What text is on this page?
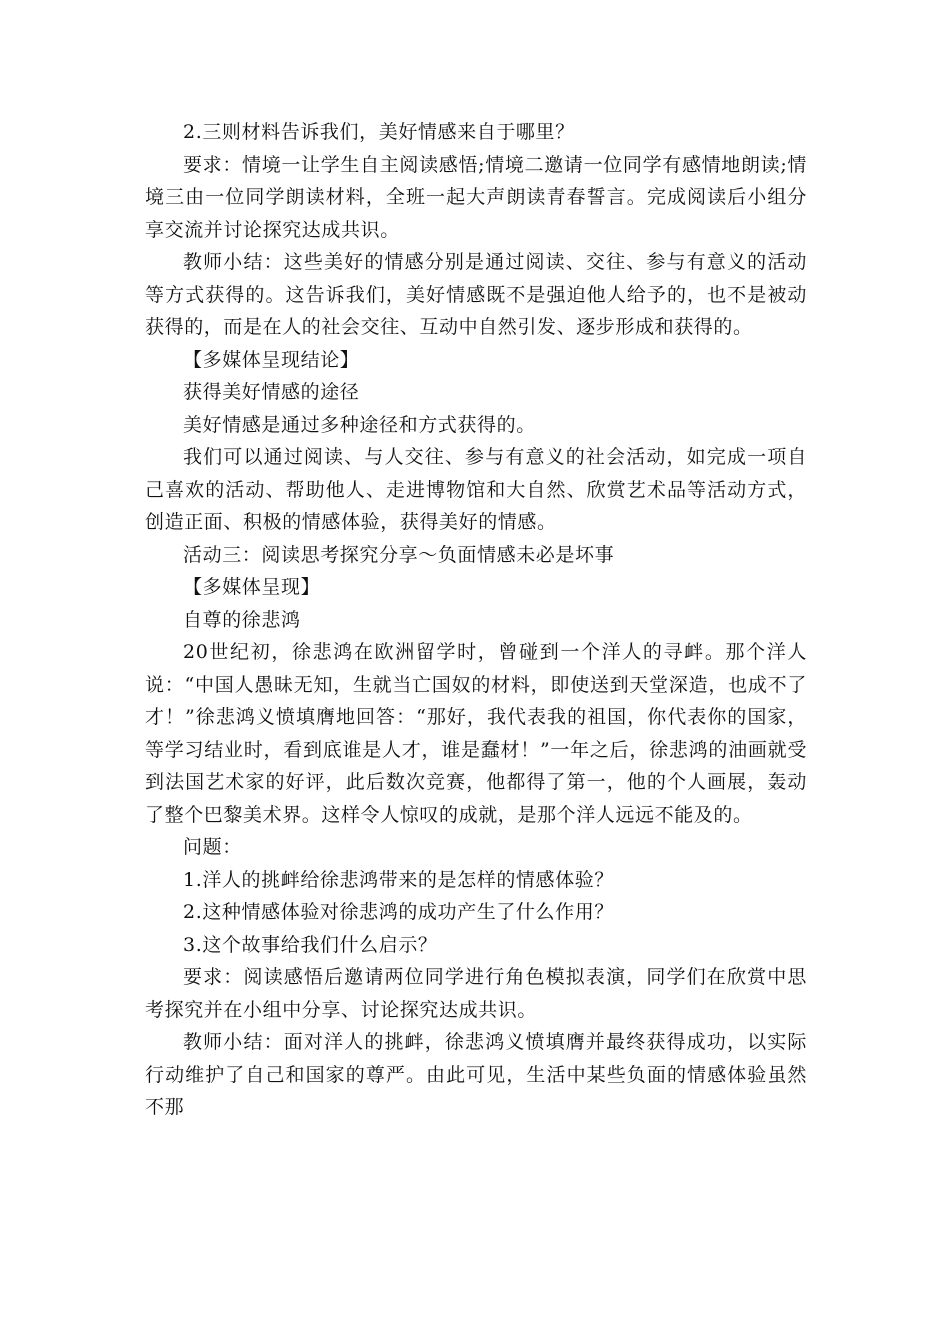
2.三则材料告诉我们，美好情感来自于哪里？

要求：情境一让学生自主阅读感悟;情境二邀请一位同学有感情地朗读;情境三由一位同学朗读材料，全班一起大声朗读青春誓言。完成阅读后小组分享交流并讨论探究达成共识。

教师小结：这些美好的情感分别是通过阅读、交往、参与有意义的活动等方式获得的。这告诉我们，美好情感既不是强迫他人给予的，也不是被动获得的，而是在人的社会交往、互动中自然引发、逐步形成和获得的。

【多媒体呈现结论】

获得美好情感的途径

美好情感是通过多种途径和方式获得的。

我们可以通过阅读、与人交往、参与有意义的社会活动，如完成一项自己喜欢的活动、帮助他人、走进博物馆和大自然、欣赏艺术品等活动方式，创造正面、积极的情感体验，获得美好的情感。

活动三：阅读思考探究分享～负面情感未必是坏事

【多媒体呈现】

自尊的徐悲鸿

20世纪初，徐悲鸿在欧洲留学时，曾碰到一个洋人的寻衅。那个洋人说：“中国人愚昧无知，生就当亡国奴的材料，即使送到天堂深造，也成不了才！”徐悲鸿义愤填膺地回答：“那好，我代表我的祖国，你代表你的国家，等学习结业时，看到底谁是人才，谁是蠢材！”一年之后，徐悲鸿的油画就受到法国艺术家的好评，此后数次竞赛，他都得了第一，他的个人画展，轰动了整个巴黎美术界。这样令人惊叹的成就，是那个洋人远远不能及的。

问题：

1.洋人的挑衅给徐悲鸿带来的是怎样的情感体验？

2.这种情感体验对徐悲鸿的成功产生了什么作用？

3.这个故事给我们什么启示？

要求：阅读感悟后邀请两位同学进行角色模拟表演，同学们在欣赏中思考探究并在小组中分享、讨论探究达成共识。

教师小结：面对洋人的挑衅，徐悲鸿义愤填膺并最终获得成功，以实际行动维护了自己和国家的尊严。由此可见，生活中某些负面的情感体验虽然不那
